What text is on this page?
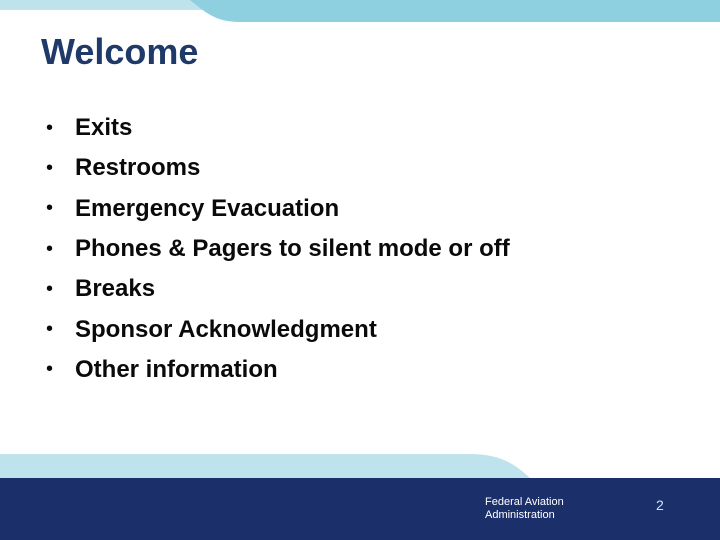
Welcome
• Exits
• Restrooms
• Emergency Evacuation
• Phones & Pagers to silent mode or off
• Breaks
• Sponsor Acknowledgment
• Other information
Federal Aviation
Administration
2
